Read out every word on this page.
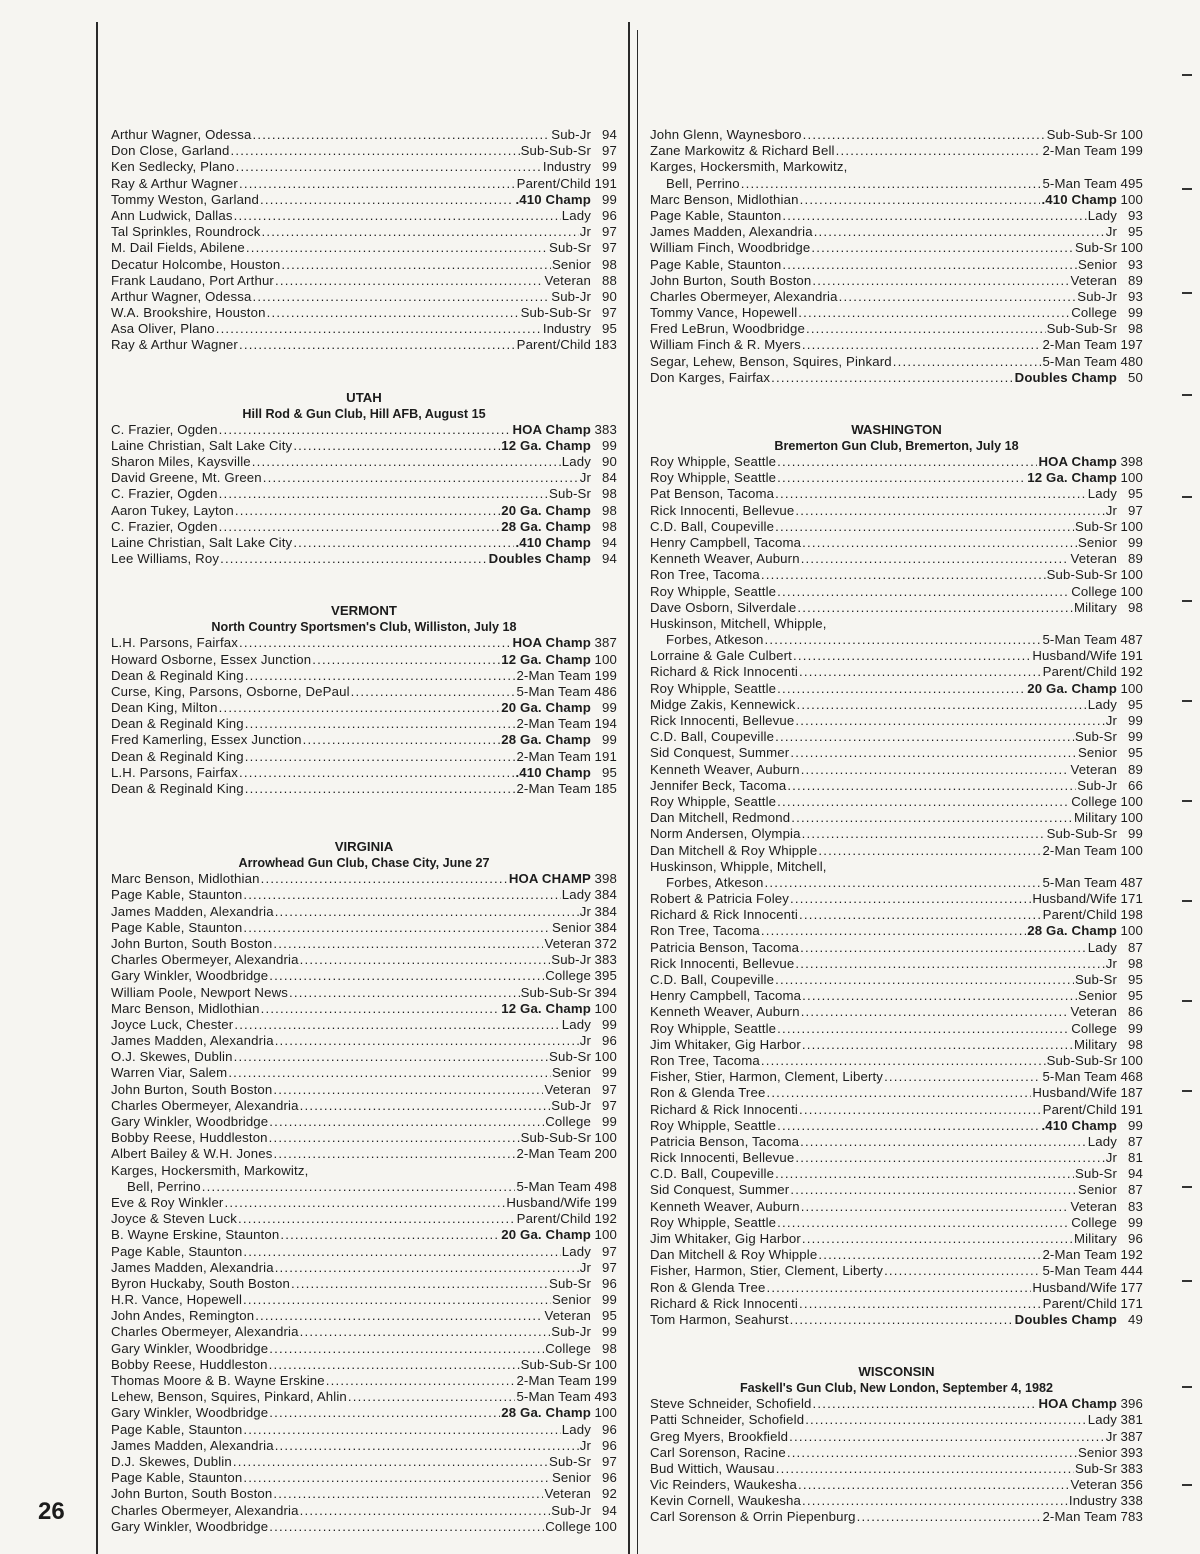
Arthur Wagner, Odessa .....	Sub-Jr 94
Don Close, Garland .....	Sub-Sub-Sr 97
Ken Sedlecky, Plano .....	Industry 99
Ray & Arthur Wagner .....	Parent/Child 191
Tommy Weston, Garland .....	.410 Champ 99
Ann Ludwick, Dallas .....	Lady 96
Tal Sprinkles, Roundrock .....	Jr 97
M. Dail Fields, Abilene .....	Sub-Sr 97
Decatur Holcombe, Houston .....	Senior 98
Frank Laudano, Port Arthur .....	Veteran 88
Arthur Wagner, Odessa .....	Sub-Jr 90
W.A. Brookshire, Houston .....	Sub-Sub-Sr 97
Asa Oliver, Plano .....	Industry 95
Ray & Arthur Wagner .....	Parent/Child 183
UTAH
Hill Rod & Gun Club, Hill AFB, August 15
C. Frazier, Ogden .....	HOA Champ 383
Laine Christian, Salt Lake City .....	12 Ga. Champ 99
Sharon Miles, Kaysville .....	Lady 90
David Greene, Mt. Green .....	Jr 84
C. Frazier, Ogden .....	Sub-Sr 98
Aaron Tukey, Layton .....	20 Ga. Champ 98
C. Frazier, Ogden .....	28 Ga. Champ 98
Laine Christian, Salt Lake City .....	.410 Champ 94
Lee Williams, Roy .....	Doubles Champ 94
VERMONT
North Country Sportsmen's Club, Williston, July 18
L.H. Parsons, Fairfax .....	HOA Champ 387
Howard Osborne, Essex Junction .....	12 Ga. Champ 100
Dean & Reginald King .....	2-Man Team 199
Curse, King, Parsons, Osborne, DePaul .....	5-Man Team 486
Dean King, Milton .....	20 Ga. Champ 99
Dean & Reginald King .....	2-Man Team 194
Fred Kamerling, Essex Junction .....	28 Ga. Champ 99
Dean & Reginald King .....	2-Man Team 191
L.H. Parsons, Fairfax .....	.410 Champ 95
Dean & Reginald King .....	2-Man Team 185
VIRGINIA
Arrowhead Gun Club, Chase City, June 27
Marc Benson, Midlothian .....	HOA CHAMP 398
Page Kable, Staunton .....	Lady 384
James Madden, Alexandria .....	Jr 384
Page Kable, Staunton .....	Senior 384
John Burton, South Boston .....	Veteran 372
Charles Obermeyer, Alexandria .....	Sub-Jr 383
Gary Winkler, Woodbridge .....	College 395
William Poole, Newport News .....	Sub-Sub-Sr 394
Marc Benson, Midlothian .....	12 Ga. Champ 100
Joyce Luck, Chester .....	Lady 99
James Madden, Alexandria .....	Jr 96
O.J. Skewes, Dublin .....	Sub-Sr 100
Warren Viar, Salem .....	Senior 99
John Burton, South Boston .....	Veteran 97
Charles Obermeyer, Alexandria .....	Sub-Jr 97
Gary Winkler, Woodbridge .....	College 99
Bobby Reese, Huddleston .....	Sub-Sub-Sr 100
Albert Bailey & W.H. Jones .....	2-Man Team 200
Karges, Hockersmith, Markowitz,
Bell, Perrino .....	5-Man Team 498
Eve & Roy Winkler .....	Husband/Wife 199
Joyce & Steven Luck .....	Parent/Child 192
B. Wayne Erskine, Staunton .....	20 Ga. Champ 100
Page Kable, Staunton .....	Lady 97
James Madden, Alexandria .....	Jr 97
Byron Huckaby, South Boston .....	Sub-Sr 96
H.R. Vance, Hopewell .....	Senior 99
John Andes, Remington .....	Veteran 95
Charles Obermeyer, Alexandria .....	Sub-Jr 99
Gary Winkler, Woodbridge .....	College 98
Bobby Reese, Huddleston .....	Sub-Sub-Sr 100
Thomas Moore & B. Wayne Erskine .....	2-Man Team 199
Lehew, Benson, Squires, Pinkard, Ahlin .....	5-Man Team 493
Gary Winkler, Woodbridge .....	28 Ga. Champ 100
Page Kable, Staunton .....	Lady 96
James Madden, Alexandria .....	Jr 96
D.J. Skewes, Dublin .....	Sub-Sr 97
Page Kable, Staunton .....	Senior 96
John Burton, South Boston .....	Veteran 92
Charles Obermeyer, Alexandria .....	Sub-Jr 94
Gary Winkler, Woodbridge .....	College 100
John Glenn, Waynesboro .....	Sub-Sub-Sr 100
Zane Markowitz & Richard Bell .....	2-Man Team 199
Karges, Hockersmith, Markowitz,
Bell, Perrino .....	5-Man Team 495
Marc Benson, Midlothian .....	.410 Champ 100
Page Kable, Staunton .....	Lady 93
James Madden, Alexandria .....	Jr 95
William Finch, Woodbridge .....	Sub-Sr 100
Page Kable, Staunton .....	Senior 93
John Burton, South Boston .....	Veteran 89
Charles Obermeyer, Alexandria .....	Sub-Jr 93
Tommy Vance, Hopewell .....	College 99
Fred LeBrun, Woodbridge .....	Sub-Sub-Sr 98
William Finch & R. Myers .....	2-Man Team 197
Segar, Lehew, Benson, Squires, Pinkard .....	5-Man Team 480
Don Karges, Fairfax .....	Doubles Champ 50
WASHINGTON
Bremerton Gun Club, Bremerton, July 18
Roy Whipple, Seattle .....	HOA Champ 398
Roy Whipple, Seattle .....	12 Ga. Champ 100
Pat Benson, Tacoma .....	Lady 95
Rick Innocenti, Bellevue .....	Jr 97
C.D. Ball, Coupeville .....	Sub-Sr 100
Henry Campbell, Tacoma .....	Senior 99
Kenneth Weaver, Auburn .....	Veteran 89
Ron Tree, Tacoma .....	Sub-Sub-Sr 100
Roy Whipple, Seattle .....	College 100
Dave Osborn, Silverdale .....	Military 98
Huskinson, Mitchell, Whipple,
Forbes, Atkeson .....	5-Man Team 487
Lorraine & Gale Culbert .....	Husband/Wife 191
Richard & Rick Innocenti .....	Parent/Child 192
Roy Whipple, Seattle .....	20 Ga. Champ 100
Midge Zakis, Kennewick .....	Lady 95
Rick Innocenti, Bellevue .....	Jr 99
C.D. Ball, Coupeville .....	Sub-Sr 99
Sid Conquest, Summer .....	Senior 95
Kenneth Weaver, Auburn .....	Veteran 89
Jennifer Beck, Tacoma .....	Sub-Jr 66
Roy Whipple, Seattle .....	College 100
Dan Mitchell, Redmond .....	Military 100
Norm Andersen, Olympia .....	Sub-Sub-Sr 99
Dan Mitchell & Roy Whipple .....	2-Man Team 100
Huskinson, Whipple, Mitchell,
Forbes, Atkeson .....	5-Man Team 487
Robert & Patricia Foley .....	Husband/Wife 171
Richard & Rick Innocenti .....	Parent/Child 198
Ron Tree, Tacoma .....	28 Ga. Champ 100
Patricia Benson, Tacoma .....	Lady 87
Rick Innocenti, Bellevue .....	Jr 98
C.D. Ball, Coupeville .....	Sub-Sr 95
Henry Campbell, Tacoma .....	Senior 95
Kenneth Weaver, Auburn .....	Veteran 86
Roy Whipple, Seattle .....	College 99
Jim Whitaker, Gig Harbor .....	Military 98
Ron Tree, Tacoma .....	Sub-Sub-Sr 100
Fisher, Stier, Harmon, Clement, Liberty .....	5-Man Team 468
Ron & Glenda Tree .....	Husband/Wife 187
Richard & Rick Innocenti .....	Parent/Child 191
Roy Whipple, Seattle .....	.410 Champ 99
Patricia Benson, Tacoma .....	Lady 87
Rick Innocenti, Bellevue .....	Jr 81
C.D. Ball, Coupeville .....	Sub-Sr 94
Sid Conquest, Summer .....	Senior 87
Kenneth Weaver, Auburn .....	Veteran 83
Roy Whipple, Seattle .....	College 99
Jim Whitaker, Gig Harbor .....	Military 96
Dan Mitchell & Roy Whipple .....	2-Man Team 192
Fisher, Harmon, Stier, Clement, Liberty .....	5-Man Team 444
Ron & Glenda Tree .....	Husband/Wife 177
Richard & Rick Innocenti .....	Parent/Child 171
Tom Harmon, Seahurst .....	Doubles Champ 49
WISCONSIN
Faskell's Gun Club, New London, September 4, 1982
Steve Schneider, Schofield .....	HOA Champ 396
Patti Schneider, Schofield .....	Lady 381
Greg Myers, Brookfield .....	Jr 387
Carl Sorenson, Racine .....	Senior 393
Bud Wittich, Wausau .....	Sub-Sr 383
Vic Reinders, Waukesha .....	Veteran 356
Kevin Cornell, Waukesha .....	Industry 338
Carl Sorenson & Orrin Piepenburg .....	2-Man Team 783
26
